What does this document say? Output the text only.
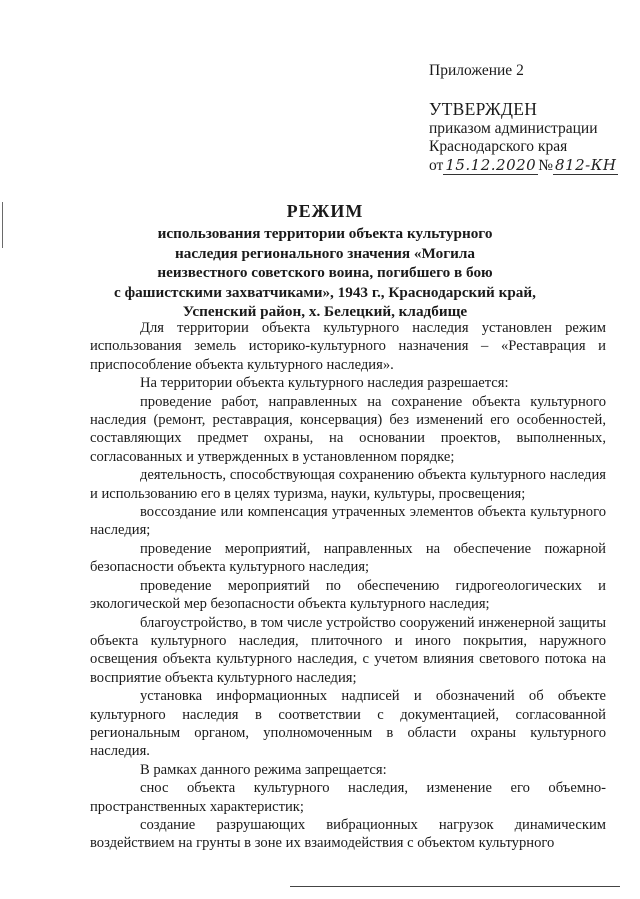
Приложение 2
УТВЕРЖДЕН
приказом администрации
Краснодарского края
от 15.12.2020 № 812-КН
РЕЖИМ
использования территории объекта культурного
наследия регионального значения «Могила
неизвестного советского воина, погибшего в бою
с фашистскими захватчиками», 1943 г., Краснодарский край,
Успенский район, х. Белецкий, кладбище

Для территории объекта культурного наследия установлен режим использования земель историко-культурного назначения – «Реставрация и приспособление объекта культурного наследия».

На территории объекта культурного наследия разрешается:

проведение работ, направленных на сохранение объекта культурного наследия (ремонт, реставрация, консервация) без изменений его особенностей, составляющих предмет охраны, на основании проектов, выполненных, согласованных и утвержденных в установленном порядке;

деятельность, способствующая сохранению объекта культурного наследия и использованию его в целях туризма, науки, культуры, просвещения;

воссоздание или компенсация утраченных элементов объекта культурного наследия;

проведение мероприятий, направленных на обеспечение пожарной безопасности объекта культурного наследия;

проведение мероприятий по обеспечению гидрогеологических и экологической мер безопасности объекта культурного наследия;

благоустройство, в том числе устройство сооружений инженерной защиты объекта культурного наследия, плиточного и иного покрытия, наружного освещения объекта культурного наследия, с учетом влияния светового потока на восприятие объекта культурного наследия;

установка информационных надписей и обозначений об объекте культурного наследия в соответствии с документацией, согласованной региональным органом, уполномоченным в области охраны культурного наследия.

В рамках данного режима запрещается:

снос объекта культурного наследия, изменение его объемно-пространственных характеристик;

создание разрушающих вибрационных нагрузок динамическим воздействием на грунты в зоне их взаимодействия с объектом культурного
